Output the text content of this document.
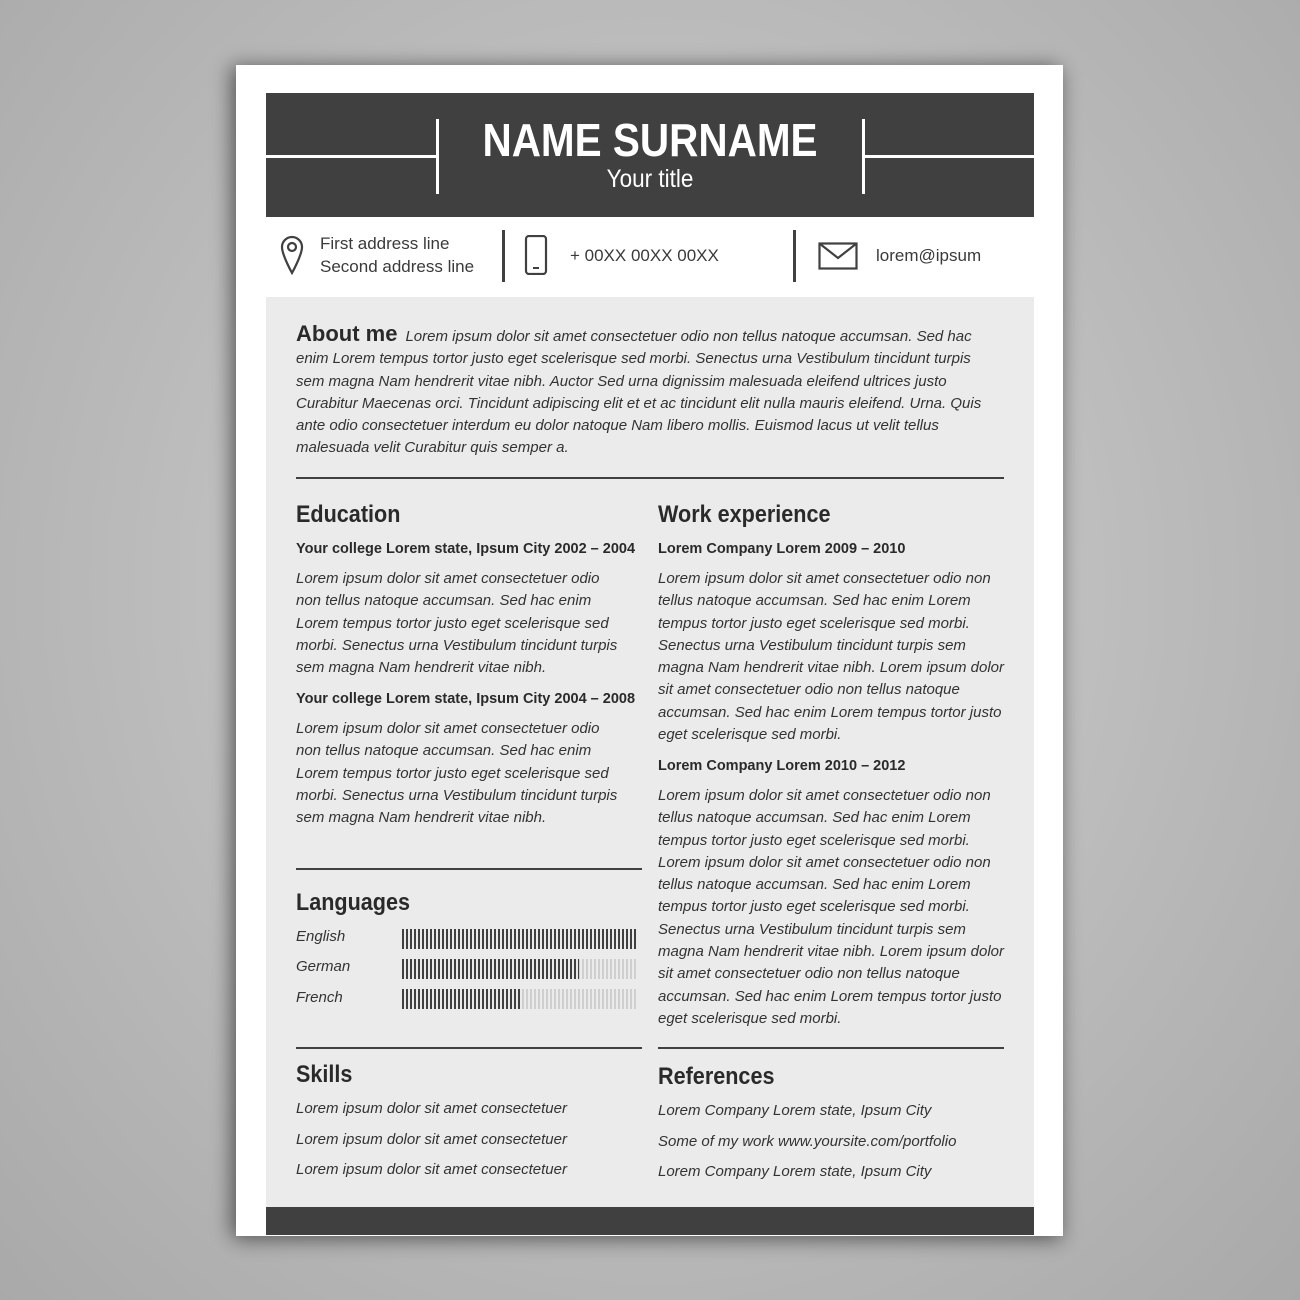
NAME SURNAME
Your title
First address line
Second address line
+ 00XX 00XX 00XX	lorem@ipsum
About me Lorem ipsum dolor sit amet consectetuer odio non tellus natoque accumsan. Sed hac enim Lorem tempus tortor justo eget scelerisque sed morbi. Senectus urna Vestibulum tincidunt turpis sem magna Nam hendrerit vitae nibh. Auctor Sed urna dignissim malesuada eleifend ultrices justo Curabitur Maecenas orci. Tincidunt adipiscing elit et et ac tincidunt elit nulla mauris eleifend. Urna. Quis ante odio consectetuer interdum eu dolor natoque Nam libero mollis. Euismod lacus ut velit tellus malesuada velit Curabitur quis semper a.
Education
Your college Lorem state, Ipsum City 2002 – 2004
Lorem ipsum dolor sit amet consectetuer odio non tellus natoque accumsan. Sed hac enim Lorem tempus tortor justo eget scelerisque sed morbi. Senectus urna Vestibulum tincidunt turpis sem magna Nam hendrerit vitae nibh.
Your college Lorem state, Ipsum City 2004 – 2008
Lorem ipsum dolor sit amet consectetuer odio non tellus natoque accumsan. Sed hac enim Lorem tempus tortor justo eget scelerisque sed morbi. Senectus urna Vestibulum tincidunt turpis sem magna Nam hendrerit vitae nibh.
Languages
English
German
French
Skills
Lorem ipsum dolor sit amet consectetuer
Lorem ipsum dolor sit amet consectetuer
Lorem ipsum dolor sit amet consectetuer
Work experience
Lorem Company Lorem 2009 – 2010
Lorem ipsum dolor sit amet consectetuer odio non tellus natoque accumsan. Sed hac enim Lorem tempus tortor justo eget scelerisque sed morbi. Senectus urna Vestibulum tincidunt turpis sem magna Nam hendrerit vitae nibh. Lorem ipsum dolor sit amet consectetuer odio non tellus natoque accumsan. Sed hac enim Lorem tempus tortor justo eget scelerisque sed morbi.
Lorem Company Lorem 2010 – 2012
Lorem ipsum dolor sit amet consectetuer odio non tellus natoque accumsan. Sed hac enim Lorem tempus tortor justo eget scelerisque sed morbi. Lorem ipsum dolor sit amet consectetuer odio non tellus natoque accumsan. Sed hac enim Lorem tempus tortor justo eget scelerisque sed morbi. Senectus urna Vestibulum tincidunt turpis sem magna Nam hendrerit vitae nibh. Lorem ipsum dolor sit amet consectetuer odio non tellus natoque accumsan. Sed hac enim Lorem tempus tortor justo eget scelerisque sed morbi.
References
Lorem Company Lorem state, Ipsum City
Some of my work www.yoursite.com/portfolio
Lorem Company Lorem state, Ipsum City
